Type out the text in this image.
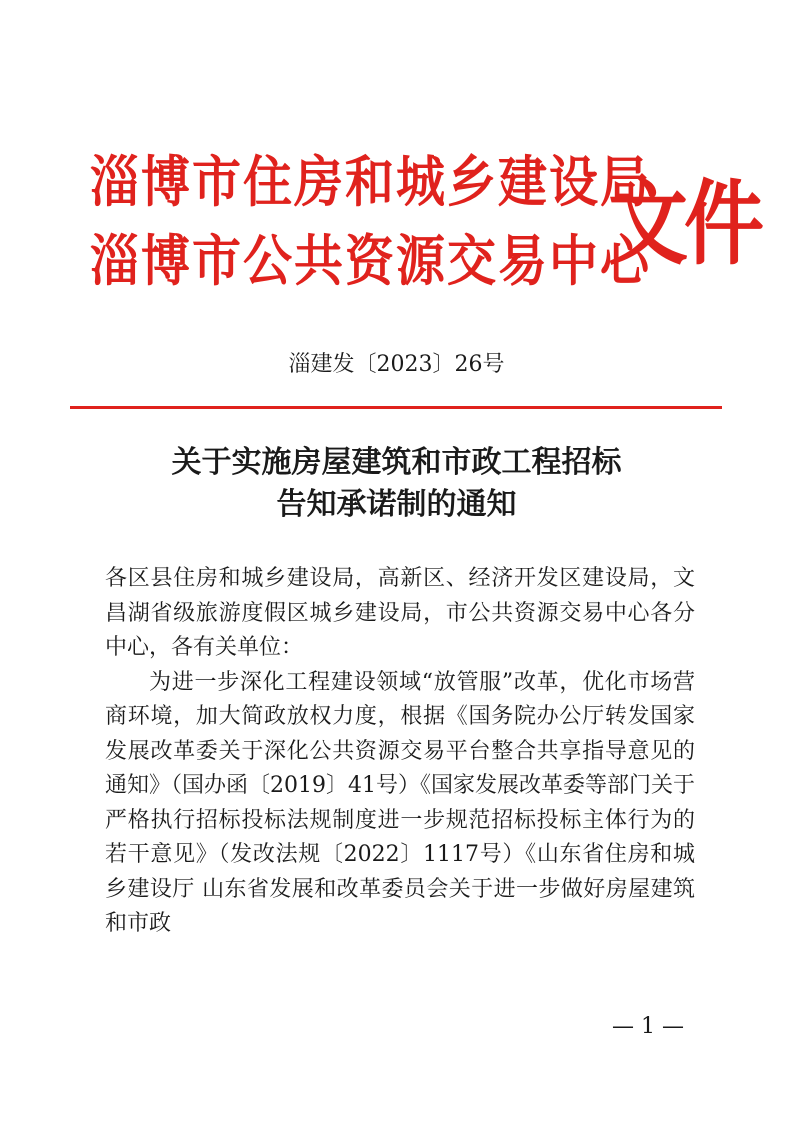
淄博市住房和城乡建设局
淄博市公共资源交易中心
文件
淄建发〔2023〕26号
关于实施房屋建筑和市政工程招标
告知承诺制的通知

各区县住房和城乡建设局，高新区、经济开发区建设局，文昌湖省级旅游度假区城乡建设局，市公共资源交易中心各分中心，各有关单位：

为进一步深化工程建设领域“放管服”改革，优化市场营商环境，加大简政放权力度，根据《国务院办公厅转发国家发展改革委关于深化公共资源交易平台整合共享指导意见的通知》（国办函〔2019〕41号）《国家发展改革委等部门关于严格执行招标投标法规制度进一步规范招标投标主体行为的若干意见》（发改法规〔2022〕1117号）《山东省住房和城乡建设厅 山东省发展和改革委员会关于进一步做好房屋建筑和市政

— 1 —
